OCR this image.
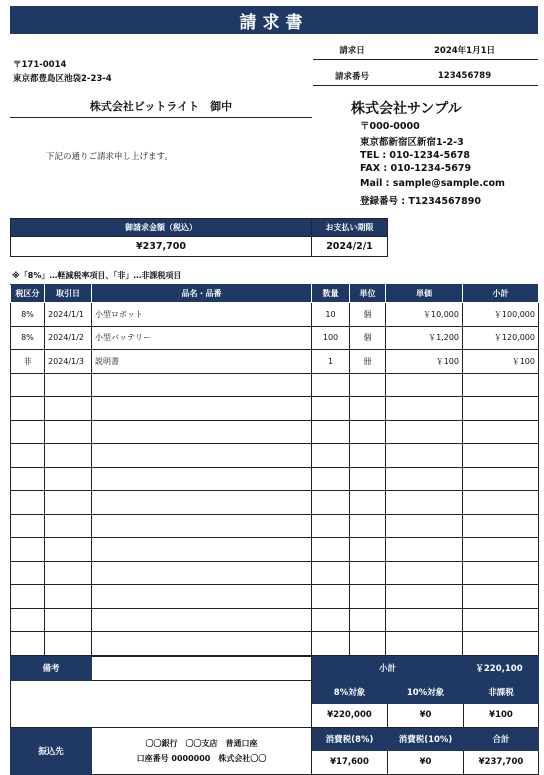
請求書
請求日	2024年1月1日
請求番号	123456789
〒171-0014
東京都豊島区池袋2-23-4
株式会社ビットライト　御中
下記の通りご請求申し上げます。
株式会社サンプル
〒000-0000
東京都新宿区新宿1-2-3
TEL : 010-1234-5678
FAX : 010-1234-5679
Mail : sample@sample.com
登録番号 : T1234567890
御請求金額（税込）	お支払い期限
¥237,700	2024/2/1
※「8%」…軽減税率項目、「非」…非課税項目
税区分	取引日	品名・品番	数量	単位	単価	小計
8%	2024/1/1	小型ロボット	10	個	￥10,000	￥100,000
8%	2024/1/2	小型バッテリー	100	個	￥1,200	￥120,000
非	2024/1/3	説明書	1	冊	￥100	￥100

備考		小計		￥220,100
		8%対象	10%対象	非課税
		¥220,000	¥0	¥100
振込先	〇〇銀行　〇〇支店　普通口座
口座番号 0000000　株式会社〇〇	消費税(8%)	消費税(10%)	合計
		¥17,600	¥0	¥237,700
